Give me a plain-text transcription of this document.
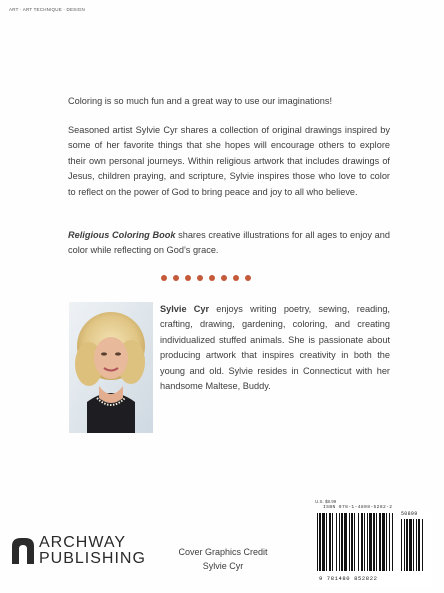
ART · ART TECHNIQUE · DESIGN

Coloring is so much fun and a great way to use our imaginations!

Seasoned artist Sylvie Cyr shares a collection of original drawings inspired by some of her favorite things that she hopes will encourage others to explore their own personal journeys. Within religious artwork that includes drawings of Jesus, children praying, and scripture, Sylvie inspires those who love to color to reflect on the power of God to bring peace and joy to all who believe.

Religious Coloring Book shares creative illustrations for all ages to enjoy and color while reflecting on God’s grace.

Sylvie Cyr enjoys writing poetry, sewing, reading, crafting, drawing, gardening, coloring, and creating individualized stuffed animals. She is passionate about producing artwork that inspires creativity in both the young and old. Sylvie resides in Connecticut with her handsome Maltese, Buddy.

ARCHWAY
PUBLISHING	Cover Graphics Credit
Sylvie Cyr
U.S. $8.99
ISBN 978-1-4808-5282-2
50899
9 781480 852822
